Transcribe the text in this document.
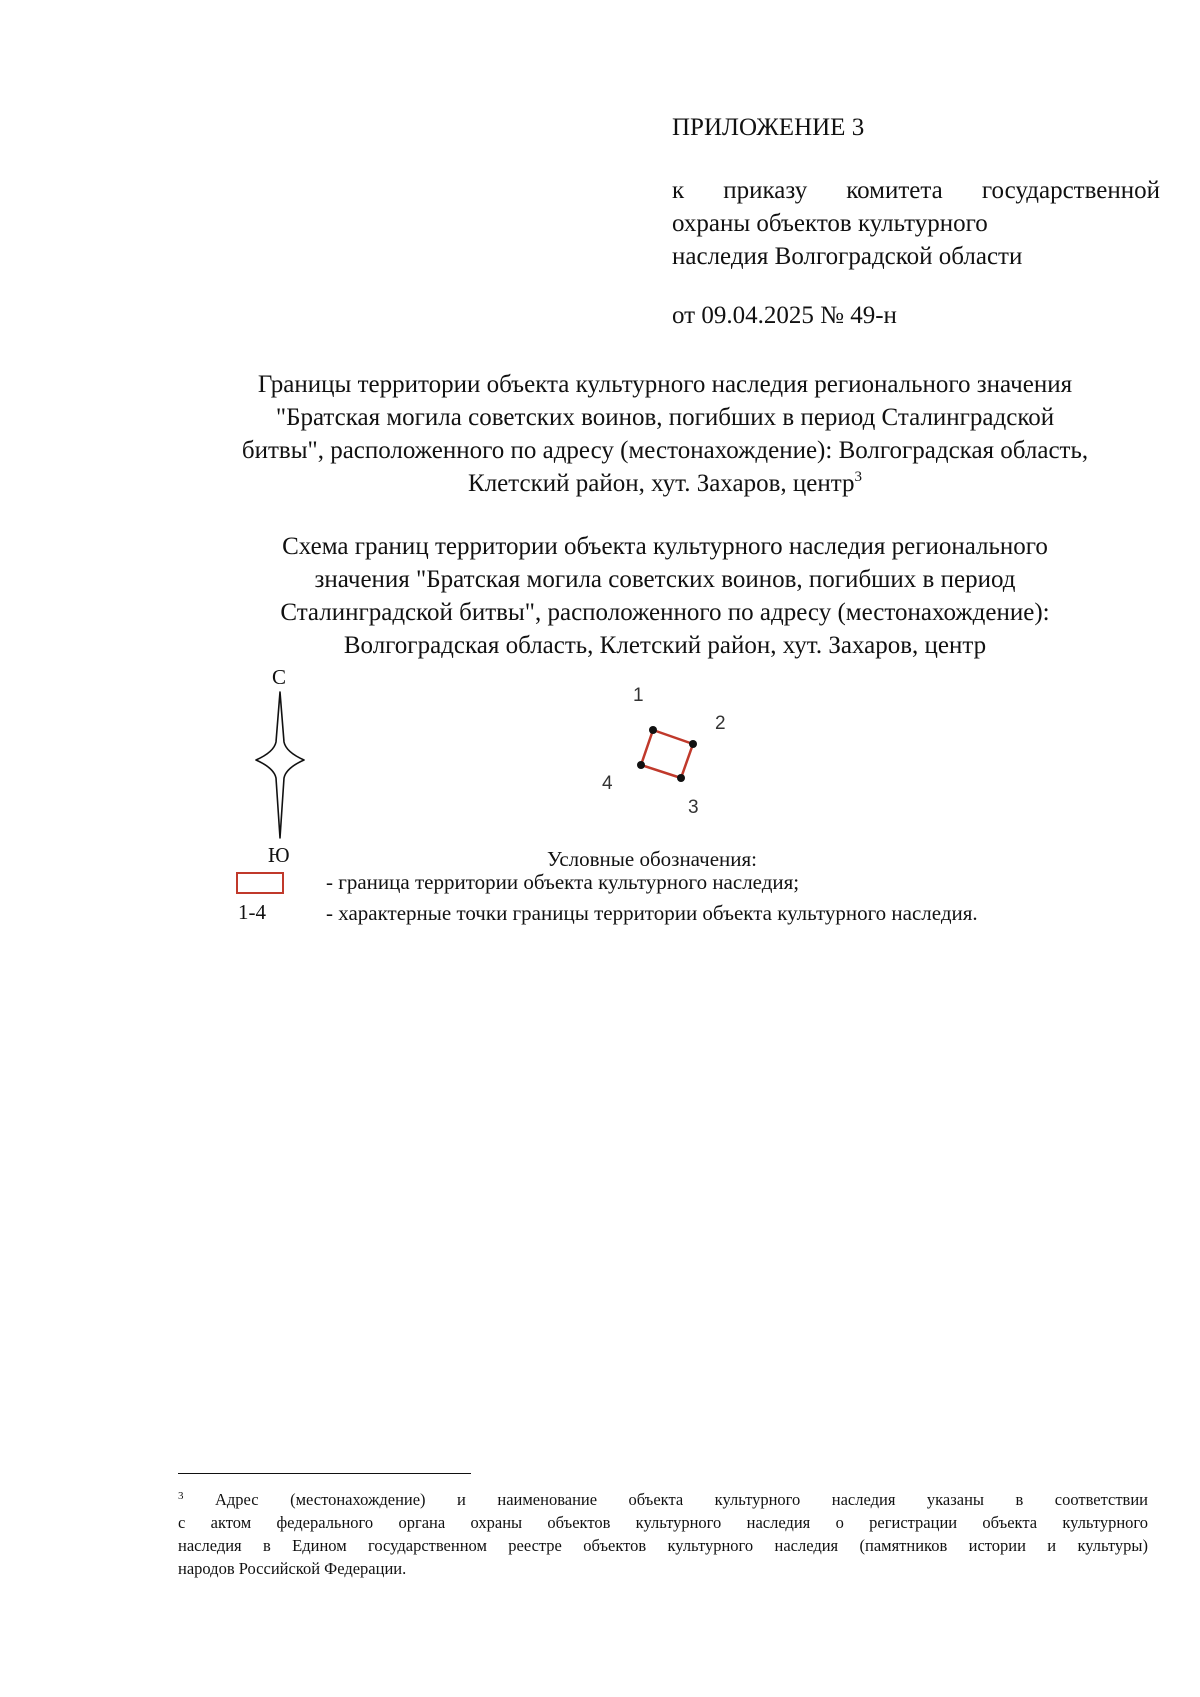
ПРИЛОЖЕНИЕ 3
к приказу комитета государственной
охраны объектов культурного
наследия Волгоградской области
от 09.04.2025 № 49-н
Границы территории объекта культурного наследия регионального значения
"Братская могила советских воинов, погибших в период Сталинградской
битвы", расположенного по адресу (местонахождение): Волгоградская область,
Клетский район, хут. Захаров, центр$^3$
Схема границ территории объекта культурного наследия регионального
значения "Братская могила советских воинов, погибших в период
Сталинградской битвы", расположенного по адресу (местонахождение):
Волгоградская область, Клетский район, хут. Захаров, центр
С
Ю
1
2
3
4
Условные обозначения:
- граница территории объекта культурного наследия;
1-4	- характерные точки границы территории объекта культурного наследия.
$^3$ Адрес (местонахождение) и наименование объекта культурного наследия указаны в соответствии
с актом федерального органа охраны объектов культурного наследия о регистрации объекта культурного
наследия в Едином государственном реестре объектов культурного наследия (памятников истории и культуры)
народов Российской Федерации.
